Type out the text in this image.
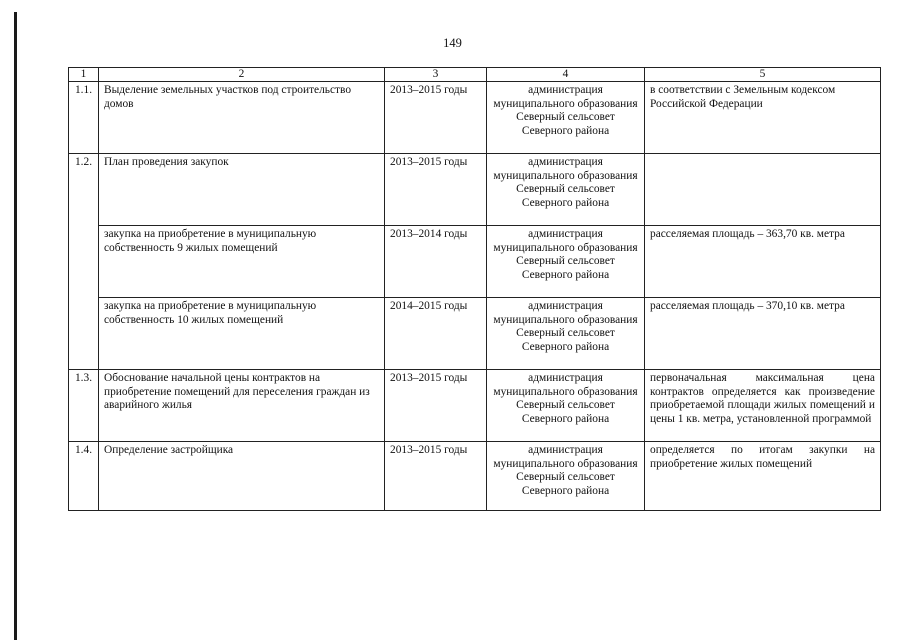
149
1	2	3	4	5
1.1.	Выделение земельных участков под строительство домов	2013–2015 годы	администрация муниципального образования Северный сельсовет Северного района	в соответствии с Земельным кодексом Российской Федерации
1.2.	План проведения закупок	2013–2015 годы	администрация муниципального образования Северный сельсовет Северного района	
	закупка на приобретение в муниципальную собственность 9 жилых помещений	2013–2014 годы	администрация муниципального образования Северный сельсовет Северного района	расселяемая площадь – 363,70 кв. метра
	закупка на приобретение в муниципальную собственность 10 жилых помещений	2014–2015 годы	администрация муниципального образования Северный сельсовет Северного района	расселяемая площадь – 370,10 кв. метра
1.3.	Обоснование начальной цены контрактов на приобретение помещений для переселения граждан из аварийного жилья	2013–2015 годы	администрация муниципального образования Северный сельсовет Северного района	первоначальная максимальная цена контрактов определяется как произведение приобретаемой площади жилых помещений и цены 1 кв. метра, установленной программой
1.4.	Определение застройщика	2013–2015 годы	администрация муниципального образования Северный сельсовет Северного района	определяется по итогам закупки на приобретение жилых помещений
